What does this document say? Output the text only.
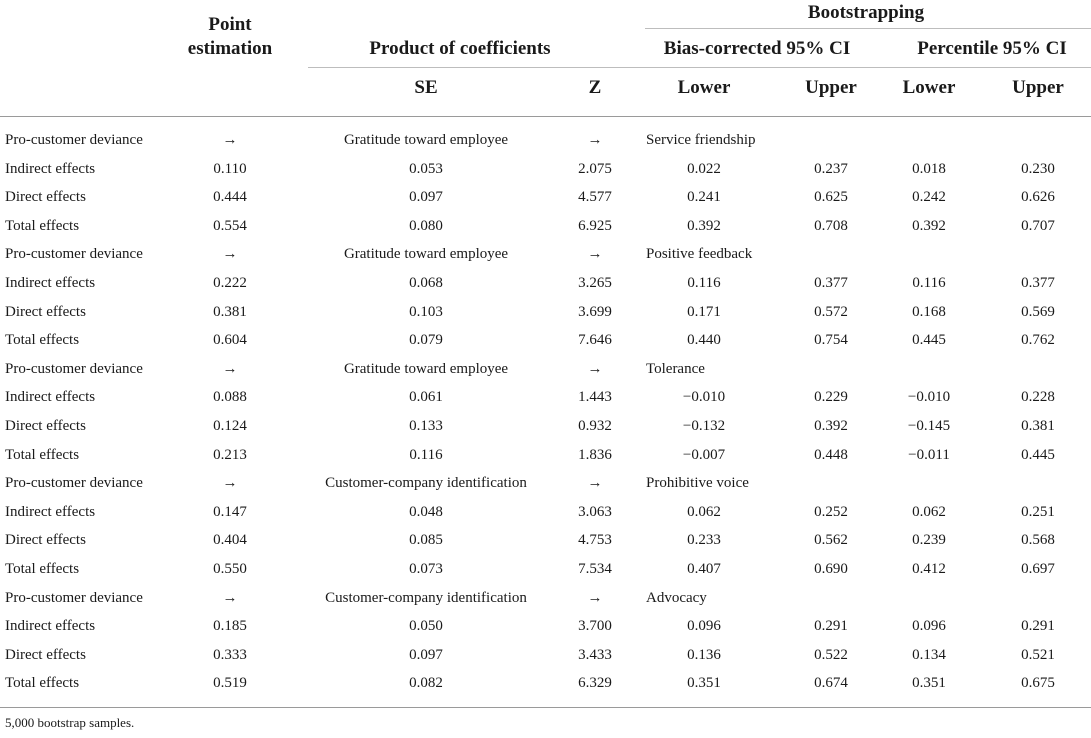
Point
estimation	Product of coefficients
Bootstrapping
Bias-corrected 95% CI	Percentile 95% CI
SE	Z	Lower	Upper Lower	Upper
Pro-customer deviance	→	Gratitude toward employee	→	Service friendship
Indirect effects	0.110	0.053	2.075	0.022	0.237	0.018	0.230
Direct effects	0.444	0.097	4.577	0.241	0.625	0.242	0.626
Total effects	0.554	0.080	6.925	0.392	0.708	0.392	0.707
Pro-customer deviance	→	Gratitude toward employee	→	Positive feedback
Indirect effects	0.222	0.068	3.265	0.116	0.377	0.116	0.377
Direct effects	0.381	0.103	3.699	0.171	0.572	0.168	0.569
Total effects	0.604	0.079	7.646	0.440	0.754	0.445	0.762
Pro-customer deviance	→	Gratitude toward employee	→	Tolerance
Indirect effects	0.088	0.061	1.443	−0.010	0.229	−0.010	0.228
Direct effects	0.124	0.133	0.932	−0.132	0.392	−0.145	0.381
Total effects	0.213	0.116	1.836	−0.007	0.448	−0.011	0.445
Pro-customer deviance	→	Customer-company identification	→	Prohibitive voice
Indirect effects	0.147	0.048	3.063	0.062	0.252	0.062	0.251
Direct effects	0.404	0.085	4.753	0.233	0.562	0.239	0.568
Total effects	0.550	0.073	7.534	0.407	0.690	0.412	0.697
Pro-customer deviance	→	Customer-company identification	→	Advocacy
Indirect effects	0.185	0.050	3.700	0.096	0.291	0.096	0.291
Direct effects	0.333	0.097	3.433	0.136	0.522	0.134	0.521
Total effects	0.519	0.082	6.329	0.351	0.674	0.351	0.675
5,000 bootstrap samples.
